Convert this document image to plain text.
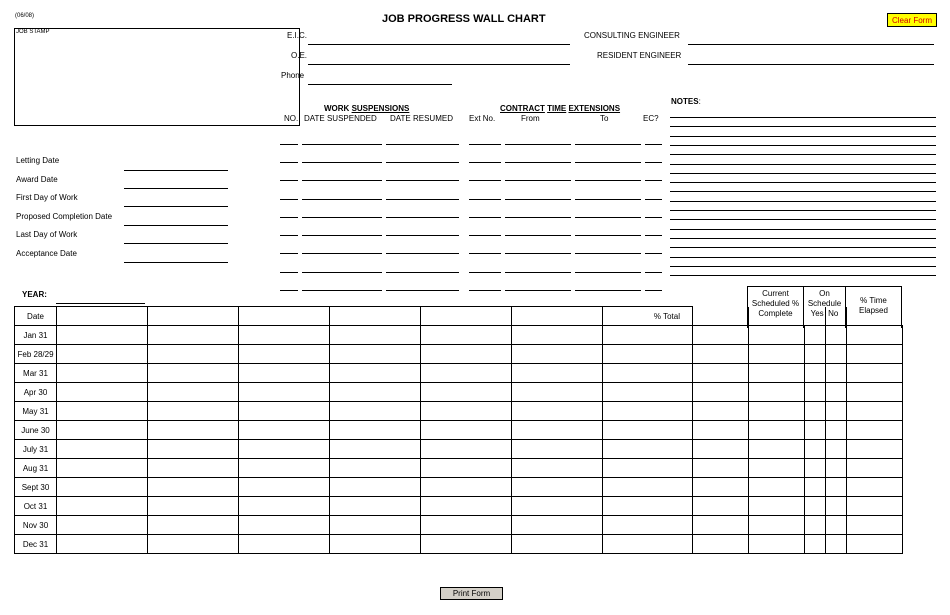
(06/08)	JOB PROGRESS WALL CHART	Clear Form
JOB STAMP	E.I.C.
O.E.
Phone
CONSULTING ENGINEER
RESIDENT ENGINEER
Letting Date
Award Date
First Day of Work
Proposed Completion Date
Last Day of Work
Acceptance Date
WORK SUSPENSIONS
NO. DATE SUSPENDED DATE RESUMED
CONTRACT TIME EXTENSIONS
Ext No.	From	To	EC?
NOTES:
YEAR:	Current
Scheduled %
Complete
On
Schedule
Yes No
% Time
Elapsed
Date							% Total					
Jan 31												
Feb 28/29												
Mar 31												
Apr 30												
May 31												
June 30												
July 31												
Aug 31												
Sept 30												
Oct 31												
Nov 30												
Dec 31												
Print Form
